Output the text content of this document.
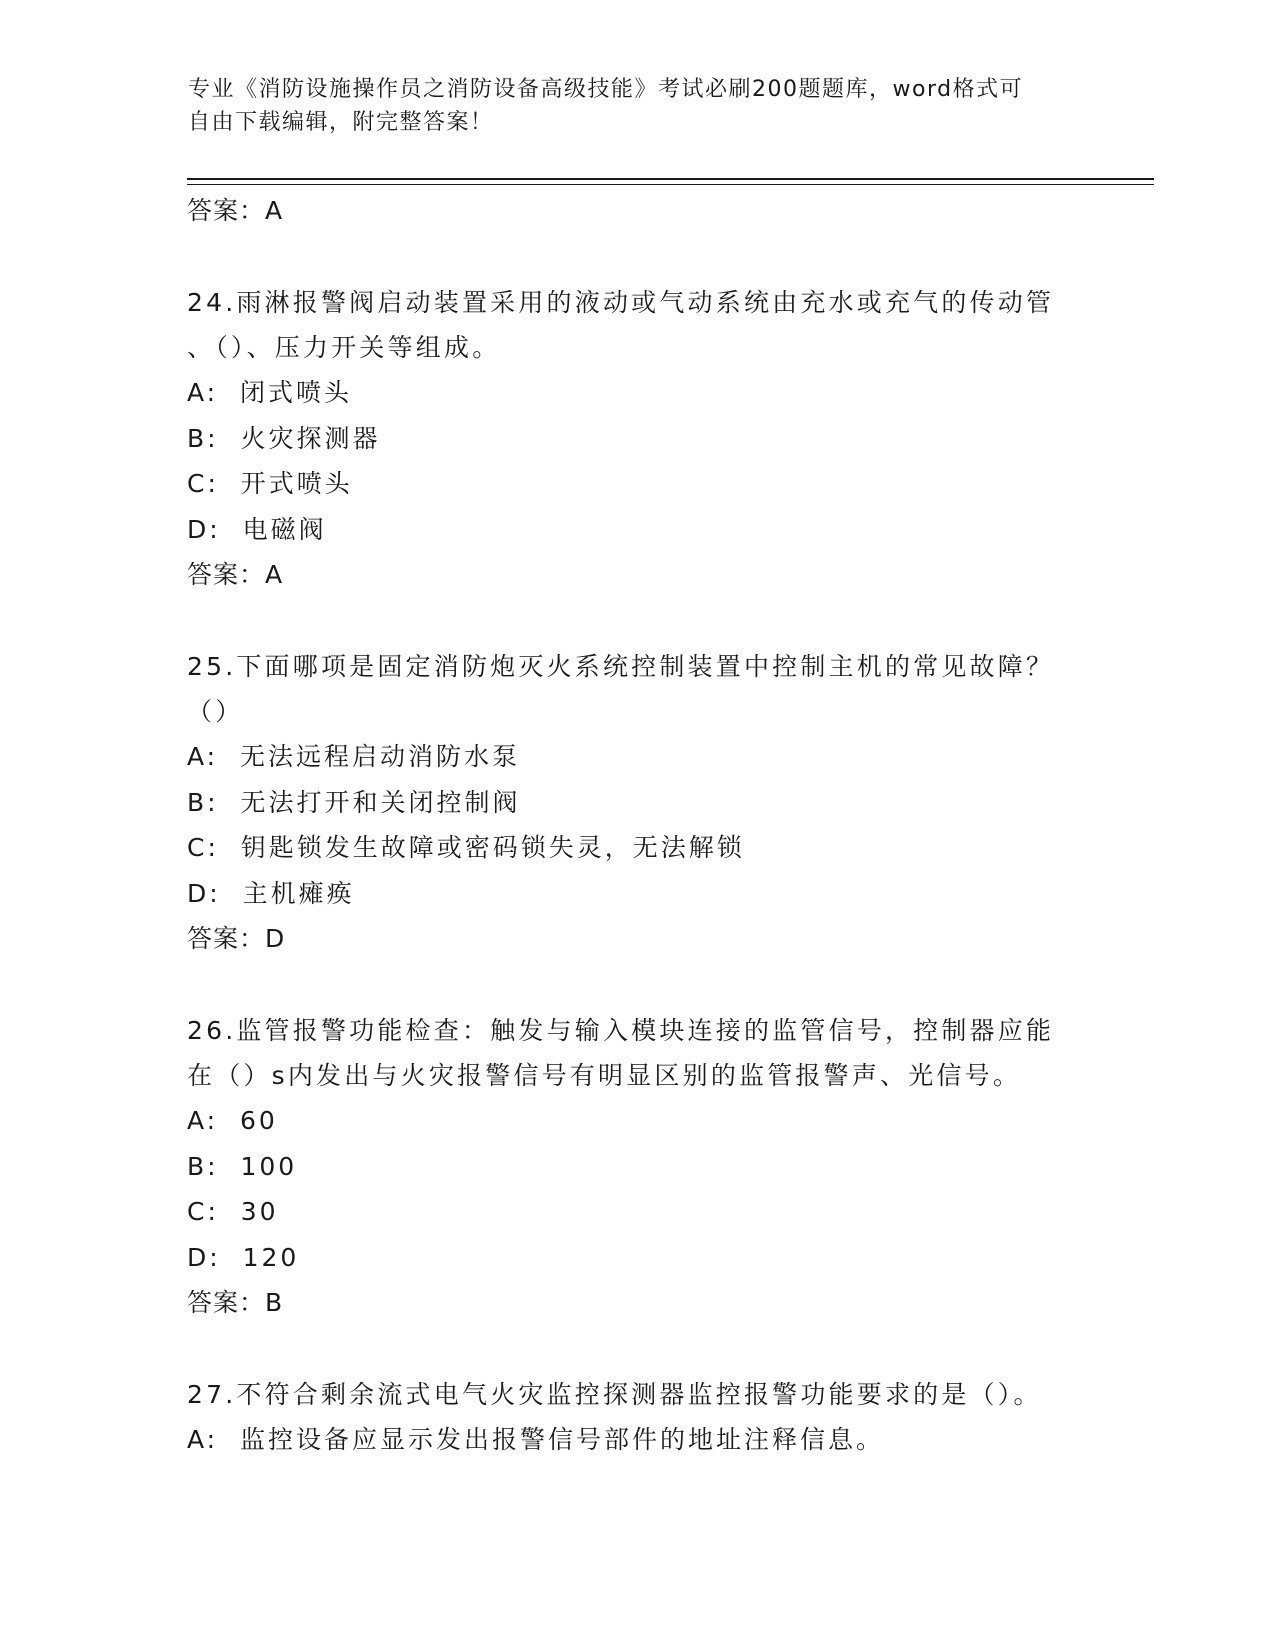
专业《消防设施操作员之消防设备高级技能》考试必刷200题题库，word格式可
自由下载编辑，附完整答案！

答案：A

24.雨淋报警阀启动装置采用的液动或气动系统由充水或充气的传动管

、（）、压力开关等组成。

A:  闭式喷头

B:  火灾探测器

C:  开式喷头

D:  电磁阀

答案：A

25.下面哪项是固定消防炮灭火系统控制装置中控制主机的常见故障？

（）

A:  无法远程启动消防水泵

B:  无法打开和关闭控制阀

C:  钥匙锁发生故障或密码锁失灵，无法解锁

D:  主机瘫痪

答案：D

26.监管报警功能检查：触发与输入模块连接的监管信号，控制器应能

在（）s内发出与火灾报警信号有明显区别的监管报警声、光信号。

A:  60

B:  100

C:  30

D:  120

答案：B

27.不符合剩余流式电气火灾监控探测器监控报警功能要求的是（）。

A:  监控设备应显示发出报警信号部件的地址注释信息。
